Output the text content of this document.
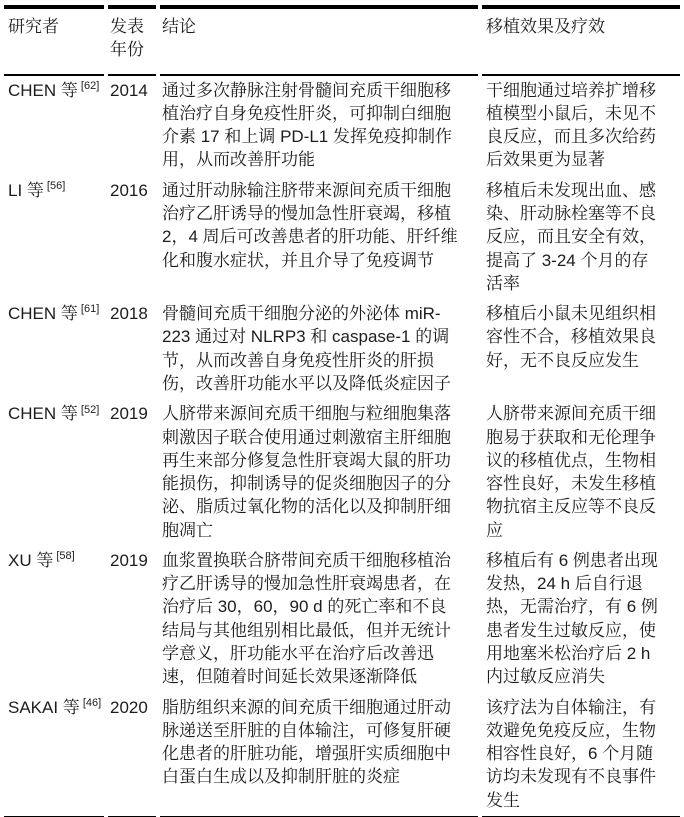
研究者	发表年份	结论	移植效果及疗效
CHEN 等 [62]	2014	通过多次静脉注射骨髓间充质干细胞移植治疗自身免疫性肝炎，可抑制白细胞介素 17 和上调 PD-L1 发挥免疫抑制作用，从而改善肝功能	干细胞通过培养扩增移植模型小鼠后，未见不良反应，而且多次给药后效果更为显著
LI 等 [56]	2016	通过肝动脉输注脐带来源间充质干细胞治疗乙肝诱导的慢加急性肝衰竭，移植 2，4 周后可改善患者的肝功能、肝纤维化和腹水症状，并且介导了免疫调节	移植后未发现出血、感染、肝动脉栓塞等不良反应，而且安全有效，提高了 3-24 个月的存活率
CHEN 等 [61]	2018	骨髓间充质干细胞分泌的外泌体 miR-223 通过对 NLRP3 和 caspase-1 的调节，从而改善自身免疫性肝炎的肝损伤，改善肝功能水平以及降低炎症因子	移植后小鼠未见组织相容性不合，移植效果良好，无不良反应发生
CHEN 等 [52]	2019	人脐带来源间充质干细胞与粒细胞集落刺激因子联合使用通过刺激宿主肝细胞再生来部分修复急性肝衰竭大鼠的肝功能损伤，抑制诱导的促炎细胞因子的分泌、脂质过氧化物的活化以及抑制肝细胞凋亡	人脐带来源间充质干细胞易于获取和无伦理争议的移植优点，生物相容性良好，未发生移植物抗宿主反应等不良反应
XU 等 [58]	2019	血浆置换联合脐带间充质干细胞移植治疗乙肝诱导的慢加急性肝衰竭患者，在治疗后 30，60，90 d 的死亡率和不良结局与其他组别相比最低，但并无统计学意义，肝功能水平在治疗后改善迅速，但随着时间延长效果逐渐降低	移植后有 6 例患者出现发热，24 h 后自行退热，无需治疗，有 6 例患者发生过敏反应，使用地塞米松治疗后 2 h 内过敏反应消失
SAKAI 等 [46]	2020	脂肪组织来源的间充质干细胞通过肝动脉递送至肝脏的自体输注，可修复肝硬化患者的肝脏功能，增强肝实质细胞中白蛋白生成以及抑制肝脏的炎症	该疗法为自体输注，有效避免免疫反应，生物相容性良好，6 个月随访均未发现有不良事件发生
